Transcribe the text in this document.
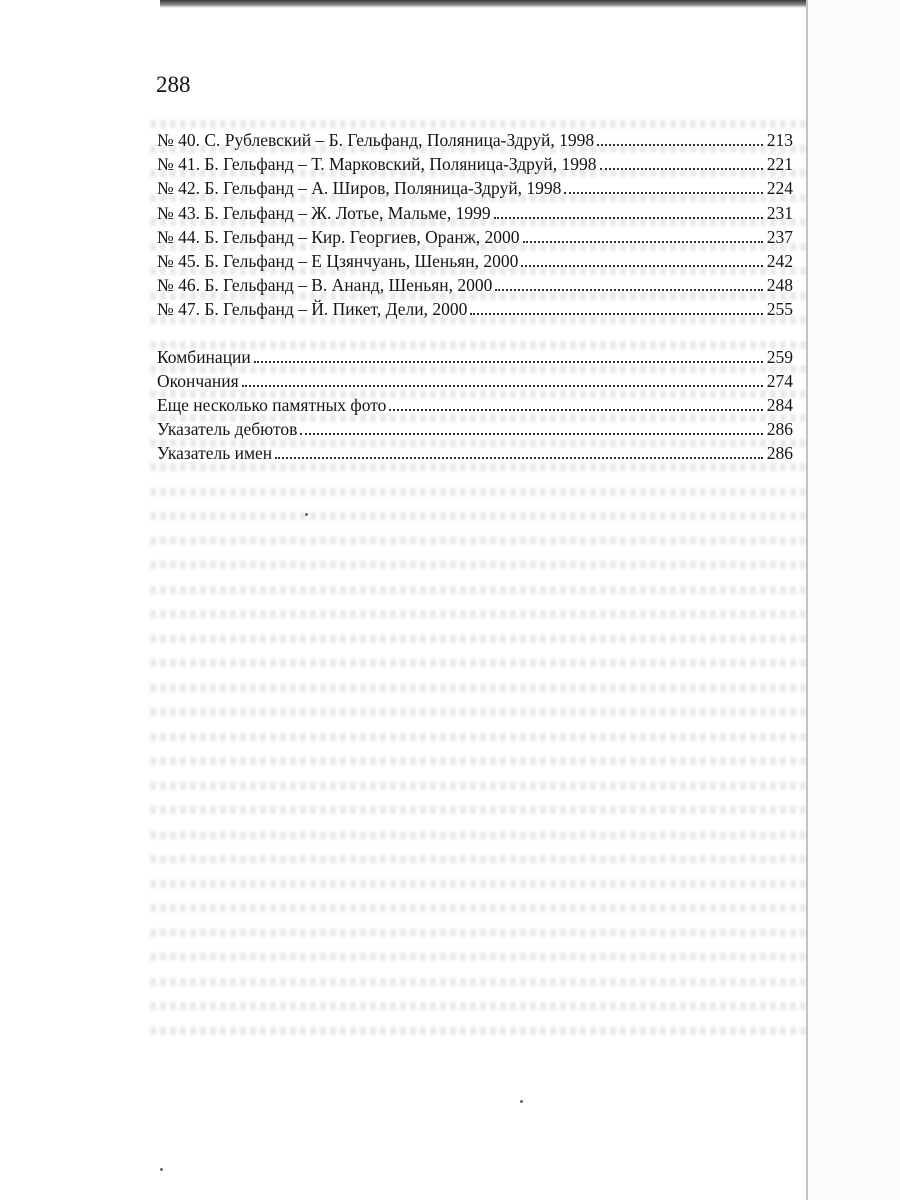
288
№ 40. С. Рублевский – Б. Гельфанд, Поляница-Здруй, 1998	213
№ 41. Б. Гельфанд – Т. Марковский, Поляница-Здруй, 1998	221
№ 42. Б. Гельфанд – А. Широв, Поляница-Здруй, 1998	224
№ 43. Б. Гельфанд – Ж. Лотье, Мальме, 1999	231
№ 44. Б. Гельфанд – Кир. Георгиев, Оранж, 2000	237
№ 45. Б. Гельфанд – Е Цзянчуань, Шеньян, 2000	242
№ 46. Б. Гельфанд – В. Ананд, Шеньян, 2000	248
№ 47. Б. Гельфанд – Й. Пикет, Дели, 2000	255
Комбинации	259
Окончания	274
Еще несколько памятных фото	284
Указатель дебютов	286
Указатель имен	286
